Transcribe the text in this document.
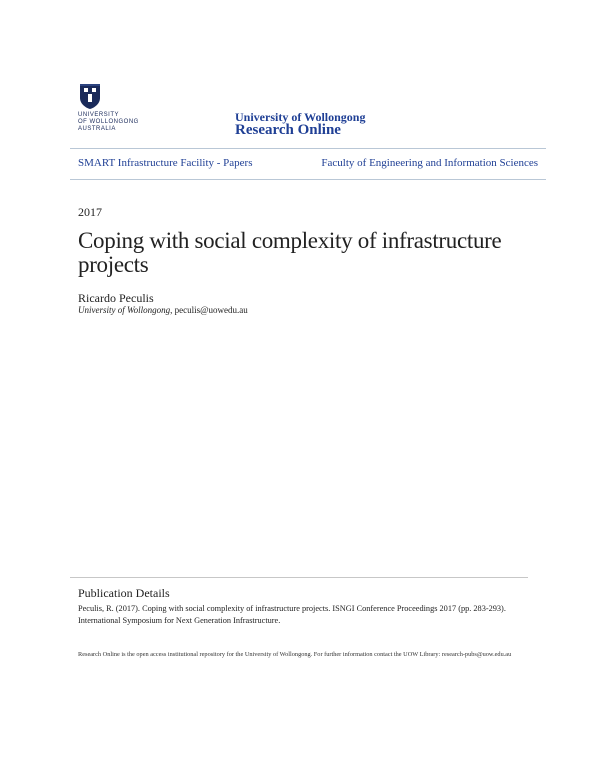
UNIVERSITY
OF WOLLONGONG
AUSTRALIA
University of Wollongong
Research Online
SMART Infrastructure Facility - Papers	Faculty of Engineering and Information Sciences
2017
Coping with social complexity of infrastructure projects
Ricardo Peculis
University of Wollongong, peculis@uowedu.au
Publication Details
Peculis, R. (2017). Coping with social complexity of infrastructure projects. ISNGI Conference Proceedings 2017 (pp. 283-293). International Symposium for Next Generation Infrastructure.
Research Online is the open access institutional repository for the University of Wollongong. For further information contact the UOW Library: research-pubs@uow.edu.au
